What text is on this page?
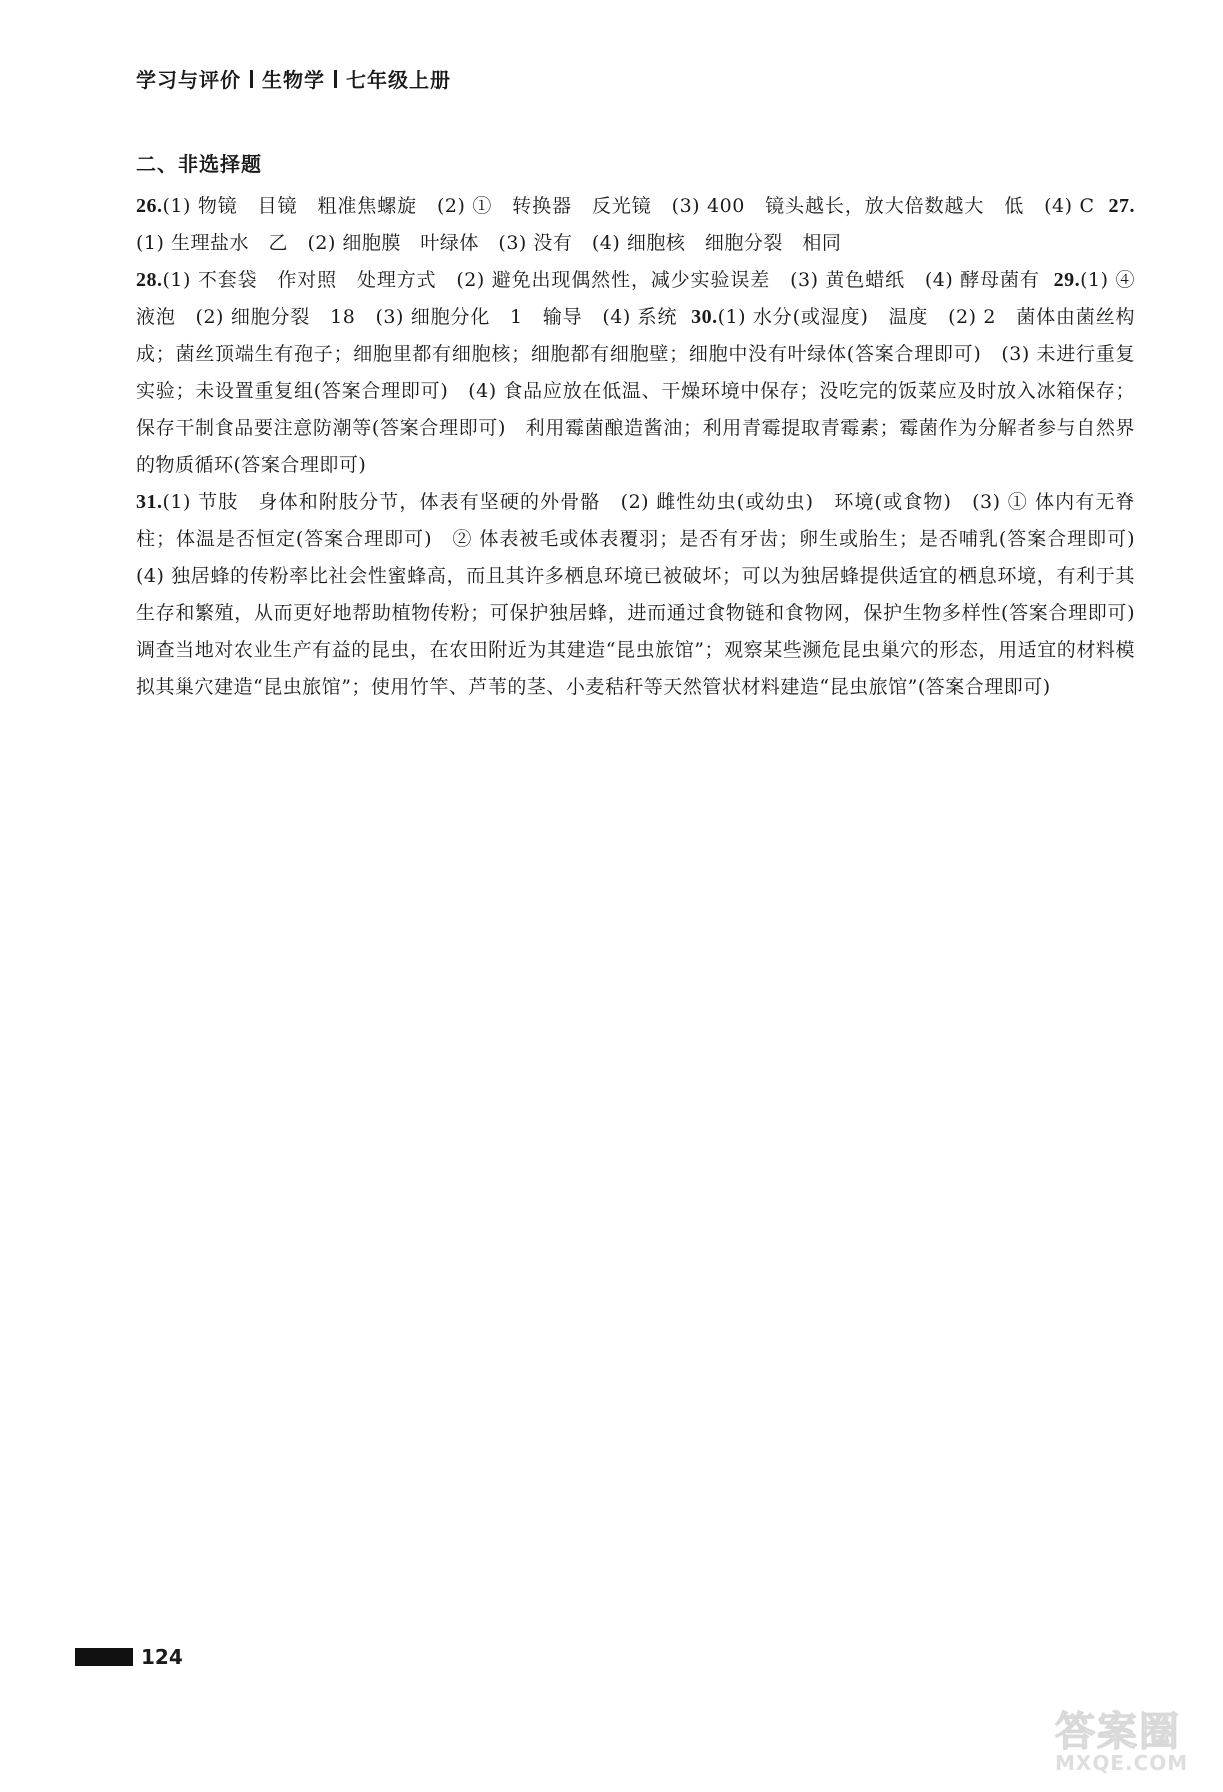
学习与评价 生物学 七年级上册
二、非选择题

26.(1) 物镜　目镜　粗准焦螺旋　(2) ①　转换器　反光镜　(3) 400　镜头越长，放大倍数越大　低　(4) C 27.(1) 生理盐水　乙　(2) 细胞膜　叶绿体　(3) 没有　(4) 细胞核　细胞分裂　相同

28.(1) 不套袋　作对照　处理方式　(2) 避免出现偶然性，减少实验误差　(3) 黄色蜡纸　(4) 酵母菌有 29.(1) ④　液泡　(2) 细胞分裂　18　(3) 细胞分化　1　输导　(4) 系统 30.(1) 水分(或湿度)　温度　(2) 2　菌体由菌丝构成；菌丝顶端生有孢子；细胞里都有细胞核；细胞都有细胞壁；细胞中没有叶绿体(答案合理即可)　(3) 未进行重复实验；未设置重复组(答案合理即可)　(4) 食品应放在低温、干燥环境中保存；没吃完的饭菜应及时放入冰箱保存；保存干制食品要注意防潮等(答案合理即可)　利用霉菌酿造酱油；利用青霉提取青霉素；霉菌作为分解者参与自然界的物质循环(答案合理即可)

31.(1) 节肢　身体和附肢分节，体表有坚硬的外骨骼　(2) 雌性幼虫(或幼虫)　环境(或食物)　(3) ① 体内有无脊柱；体温是否恒定(答案合理即可)　② 体表被毛或体表覆羽；是否有牙齿；卵生或胎生；是否哺乳(答案合理即可)　(4) 独居蜂的传粉率比社会性蜜蜂高，而且其许多栖息环境已被破坏；可以为独居蜂提供适宜的栖息环境，有利于其生存和繁殖，从而更好地帮助植物传粉；可保护独居蜂，进而通过食物链和食物网，保护生物多样性(答案合理即可)　调查当地对农业生产有益的昆虫，在农田附近为其建造“昆虫旅馆”；观察某些濒危昆虫巢穴的形态，用适宜的材料模拟其巢穴建造“昆虫旅馆”；使用竹竿、芦苇的茎、小麦秸秆等天然管状材料建造“昆虫旅馆”(答案合理即可)

124
答案圈
MXQE.COM
